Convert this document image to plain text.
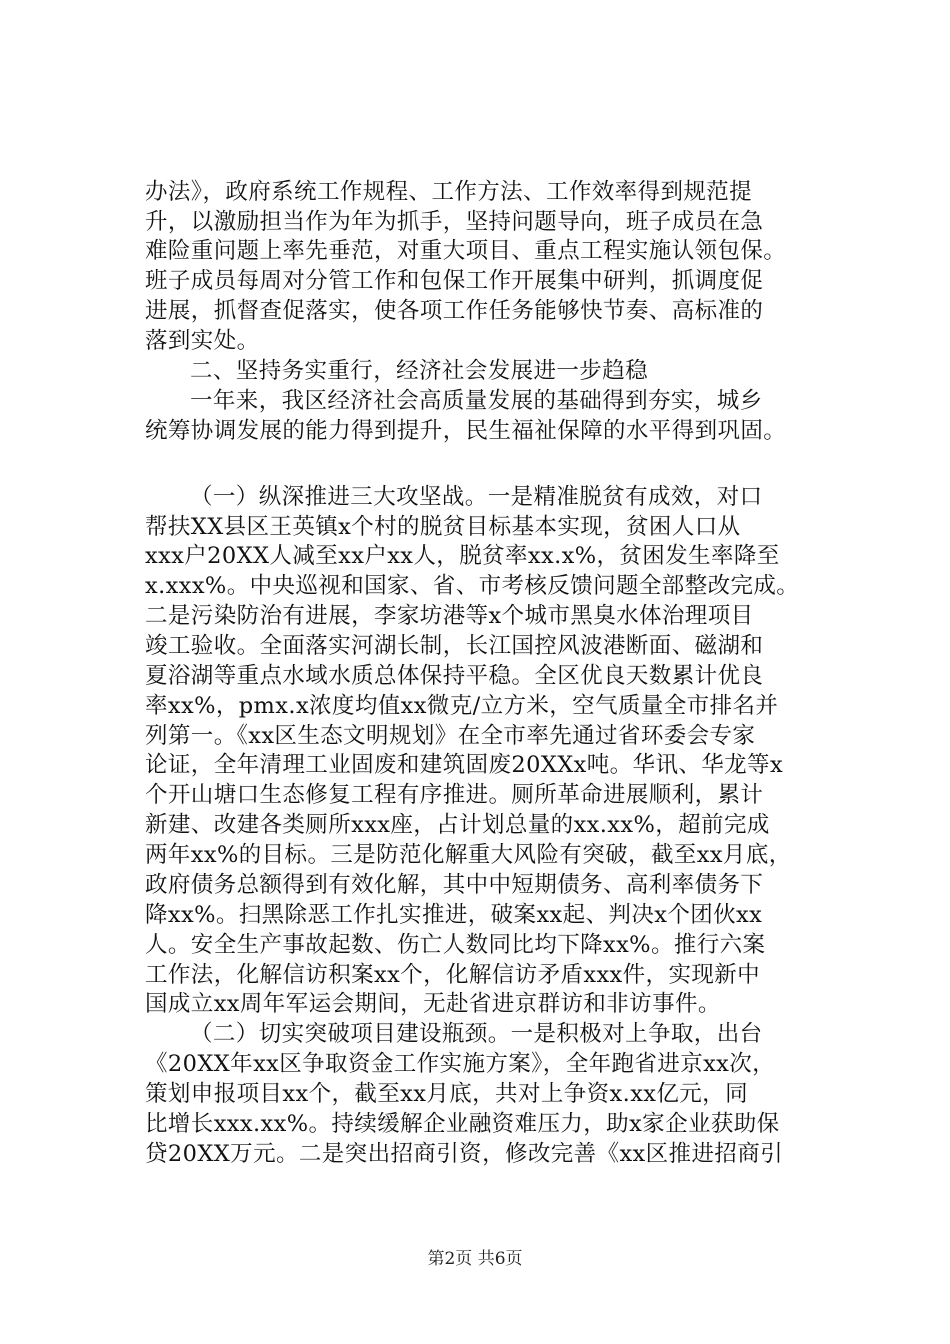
办法》，政府系统工作规程、工作方法、工作效率得到规范提
升，以激励担当作为年为抓手，坚持问题导向，班子成员在急
难险重问题上率先垂范，对重大项目、重点工程实施认领包保。
班子成员每周对分管工作和包保工作开展集中研判，抓调度促
进展，抓督查促落实，使各项工作任务能够快节奏、高标准的
落到实处。
二、坚持务实重行，经济社会发展进一步趋稳
一年来，我区经济社会高质量发展的基础得到夯实，城乡
统筹协调发展的能力得到提升，民生福祉保障的水平得到巩固。
（一）纵深推进三大攻坚战。一是精准脱贫有成效，对口
帮扶XX县区王英镇x个村的脱贫目标基本实现，贫困人口从
xxx户20XX人减至xx户xx人，脱贫率xx.x%，贫困发生率降至
x.xxx%。中央巡视和国家、省、市考核反馈问题全部整改完成。
二是污染防治有进展，李家坊港等x个城市黑臭水体治理项目
竣工验收。全面落实河湖长制，长江国控风波港断面、磁湖和
夏浴湖等重点水域水质总体保持平稳。全区优良天数累计优良
率xx%，pmx.x浓度均值xx微克/立方米，空气质量全市排名并
列第一。《xx区生态文明规划》在全市率先通过省环委会专家
论证，全年清理工业固废和建筑固废20XXx吨。华讯、华龙等x
个开山塘口生态修复工程有序推进。厕所革命进展顺利，累计
新建、改建各类厕所xxx座，占计划总量的xx.xx%，超前完成
两年xx%的目标。三是防范化解重大风险有突破，截至xx月底，
政府债务总额得到有效化解，其中中短期债务、高利率债务下
降xx%。扫黑除恶工作扎实推进，破案xx起、判决x个团伙xx
人。安全生产事故起数、伤亡人数同比均下降xx%。推行六案
工作法，化解信访积案xx个，化解信访矛盾xxx件，实现新中
国成立xx周年军运会期间，无赴省进京群访和非访事件。
（二）切实突破项目建设瓶颈。一是积极对上争取，出台
《20XX年xx区争取资金工作实施方案》，全年跑省进京xx次，
策划申报项目xx个，截至xx月底，共对上争资x.xx亿元，同
比增长xxx.xx%。持续缓解企业融资难压力，助x家企业获助保
贷20XX万元。二是突出招商引资，修改完善《xx区推进招商引
第2页 共6页
